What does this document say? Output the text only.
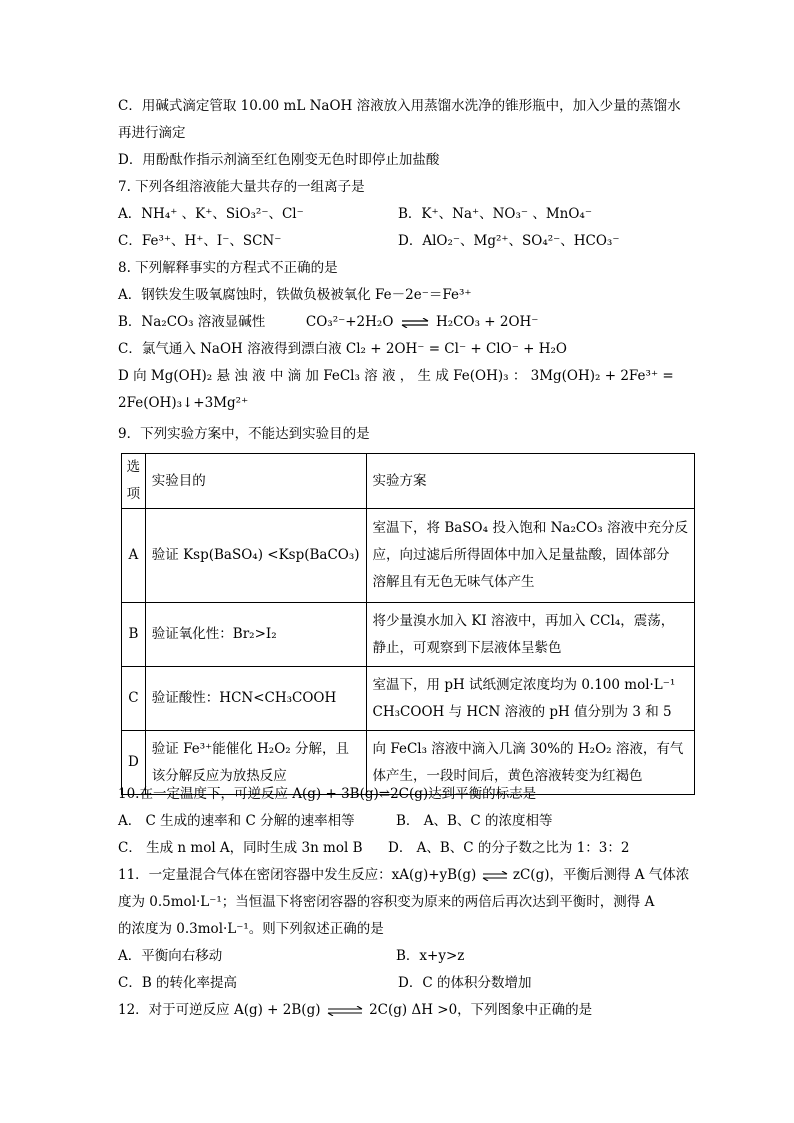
C．用碱式滴定管取 10.00 mL NaOH 溶液放入用蒸馏水洗净的锥形瓶中，加入少量的蒸馏水
再进行滴定
D．用酚酞作指示剂滴至红色刚变无色时即停止加盐酸
7. 下列各组溶液能大量共存的一组离子是
A．NH₄⁺ 、K⁺、SiO₃²⁻、Cl⁻	B．K⁺、Na⁺、NO₃⁻ 、MnO₄⁻
C．Fe³⁺、H⁺、I⁻、SCN⁻	D．AlO₂⁻、Mg²⁺、SO₄²⁻、HCO₃⁻
8. 下列解释事实的方程式不正确的是
A．钢铁发生吸氧腐蚀时，铁做负极被氧化 Fe－2e⁻＝Fe³⁺
B．Na₂CO₃ 溶液显碱性	CO₃²⁻+2H₂O ⇌ H₂CO₃ + 2OH⁻
C．氯气通入 NaOH 溶液得到漂白液 Cl₂ + 2OH⁻ = Cl⁻ + ClO⁻ + H₂O
D 向 Mg(OH)₂ 悬 浊 液 中 滴 加 FeCl₃ 溶 液 ， 生 成 Fe(OH)₃ ： 3Mg(OH)₂ + 2Fe³⁺ =
2Fe(OH)₃↓+3Mg²⁺
9．下列实验方案中，不能达到实验目的是
选项	实验目的	实验方案
A	验证 Ksp(BaSO₄) <Ksp(BaCO₃)	室温下，将 BaSO₄ 投入饱和 Na₂CO₃ 溶液中充分反
应，向过滤后所得固体中加入足量盐酸，固体部分
溶解且有无色无味气体产生

B	验证氧化性：Br₂>I₂	将少量溴水加入 KI 溶液中，再加入 CCl₄，震荡，
静止，可观察到下层液体呈紫色

C	验证酸性：HCN<CH₃COOH	室温下，用 pH 试纸测定浓度均为 0.100 mol·L⁻¹
CH₃COOH 与 HCN 溶液的 pH 值分别为 3 和 5

D	验证 Fe³⁺能催化 H₂O₂ 分解，且
该分解反应为放热反应	向 FeCl₃ 溶液中滴入几滴 30%的 H₂O₂ 溶液，有气
体产生，一段时间后，黄色溶液转变为红褐色
10.在一定温度下，可逆反应 A(g) + 3B(g)⇌2C(g)达到平衡的标志是
A． C 生成的速率和 C 分解的速率相等	B． A、B、C 的浓度相等
C． 生成 n mol A，同时生成 3n mol B D． A、B、C 的分子数之比为 1：3：2
11．一定量混合气体在密闭容器中发生反应：xA(g)+yB(g) ⇌ zC(g)，平衡后测得 A 气体浓
度为 0.5mol·L⁻¹；当恒温下将密闭容器的容积变为原来的两倍后再次达到平衡时，测得 A
的浓度为 0.3mol·L⁻¹。则下列叙述正确的是
A．平衡向右移动	B．x+y>z
C．B 的转化率提高	D．C 的体积分数增加
12．对于可逆反应 A(g) + 2B(g) ⇌ 2C(g) ΔH >0，下列图象中正确的是
